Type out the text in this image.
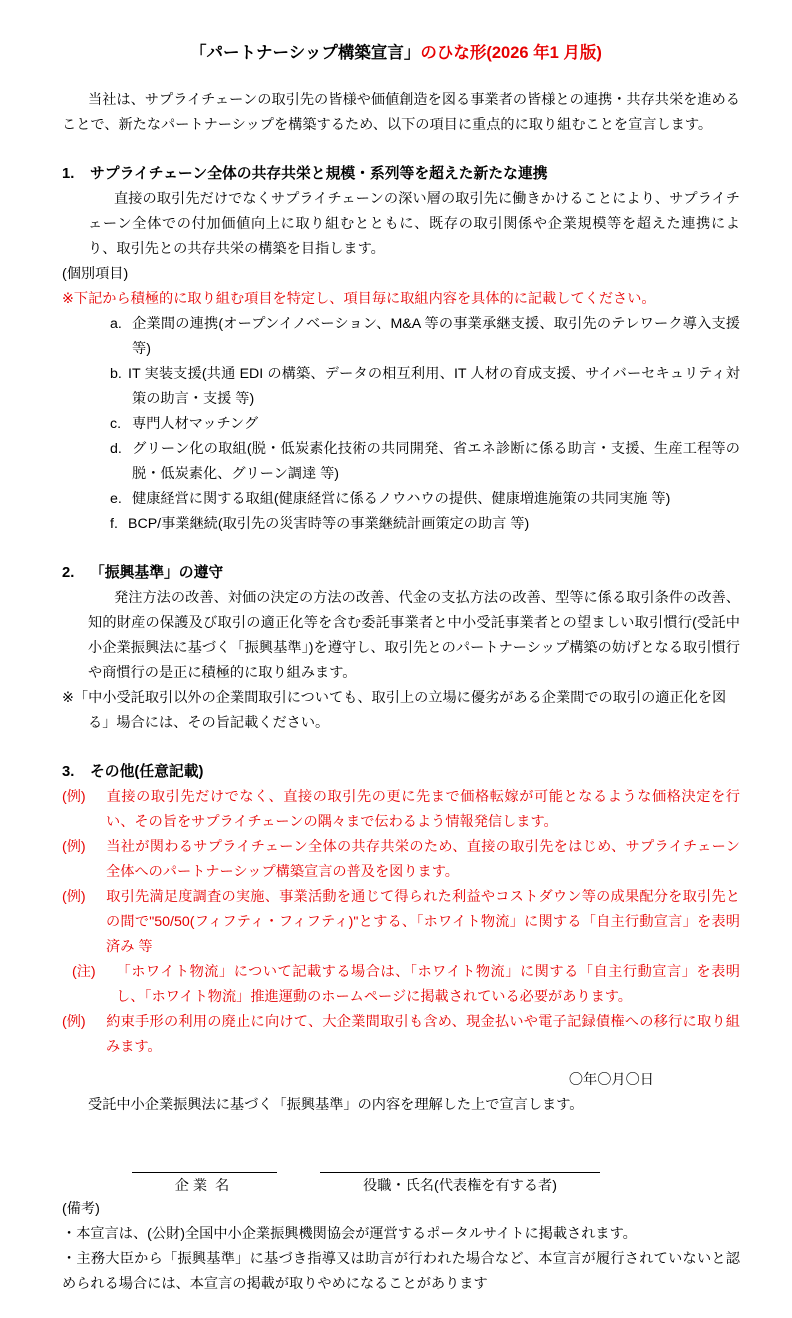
「パートナーシップ構築宣言」のひな形(2026 年1 月版)

当社は、サプライチェーンの取引先の皆様や価値創造を図る事業者の皆様との連携・共存共栄を進めることで、新たなパートナーシップを構築するため、以下の項目に重点的に取り組むことを宣言します。

1. サプライチェーン全体の共存共栄と規模・系列等を超えた新たな連携

直接の取引先だけでなくサプライチェーンの深い層の取引先に働きかけることにより、サプライチェーン全体での付加価値向上に取り組むとともに、既存の取引関係や企業規模等を超えた連携により、取引先との共存共栄の構築を目指します。

(個別項目)

※下記から積極的に取り組む項目を特定し、項目毎に取組内容を具体的に記載してください。

a. 企業間の連携(オープンイノベーション、M&A 等の事業承継支援、取引先のテレワーク導入支援 等)
b. IT 実装支援(共通 EDI の構築、データの相互利用、IT 人材の育成支援、サイバーセキュリティ対策の助言・支援 等)
c. 専門人材マッチング
d. グリーン化の取組(脱・低炭素化技術の共同開発、省エネ診断に係る助言・支援、生産工程等の脱・低炭素化、グリーン調達 等)
e. 健康経営に関する取組(健康経営に係るノウハウの提供、健康増進施策の共同実施 等)
f. BCP/事業継続(取引先の災害時等の事業継続計画策定の助言 等)

2. 「振興基準」の遵守

発注方法の改善、対価の決定の方法の改善、代金の支払方法の改善、型等に係る取引条件の改善、知的財産の保護及び取引の適正化等を含む委託事業者と中小受託事業者との望ましい取引慣行(受託中小企業振興法に基づく「振興基準」)を遵守し、取引先とのパートナーシップ構築の妨げとなる取引慣行や商慣行の是正に積極的に取り組みます。

※「中小受託取引以外の企業間取引についても、取引上の立場に優劣がある企業間での取引の適正化を図る」場合には、その旨記載ください。

3. その他(任意記載)

(例) 直接の取引先だけでなく、直接の取引先の更に先まで価格転嫁が可能となるような価格決定を行い、その旨をサプライチェーンの隅々まで伝わるよう情報発信します。

(例) 当社が関わるサプライチェーン全体の共存共栄のため、直接の取引先をはじめ、サプライチェーン全体へのパートナーシップ構築宣言の普及を図ります。

(例) 取引先満足度調査の実施、事業活動を通じて得られた利益やコストダウン等の成果配分を取引先との間で"50/50(フィフティ・フィフティ)"とする、「ホワイト物流」に関する「自主行動宣言」を表明済み 等

(注) 「ホワイト物流」について記載する場合は、「ホワイト物流」に関する「自主行動宣言」を表明し、「ホワイト物流」推進運動のホームページに掲載されている必要があります。

(例) 約束手形の利用の廃止に向けて、大企業間取引も含め、現金払いや電子記録債権への移行に取り組みます。

〇年〇月〇日

受託中小企業振興法に基づく「振興基準」の内容を理解した上で宣言します。

企 業  名	役職・氏名(代表権を有する者)

(備考)

・本宣言は、(公財)全国中小企業振興機関協会が運営するポータルサイトに掲載されます。

・主務大臣から「振興基準」に基づき指導又は助言が行われた場合など、本宣言が履行されていないと認められる場合には、本宣言の掲載が取りやめになることがあります
